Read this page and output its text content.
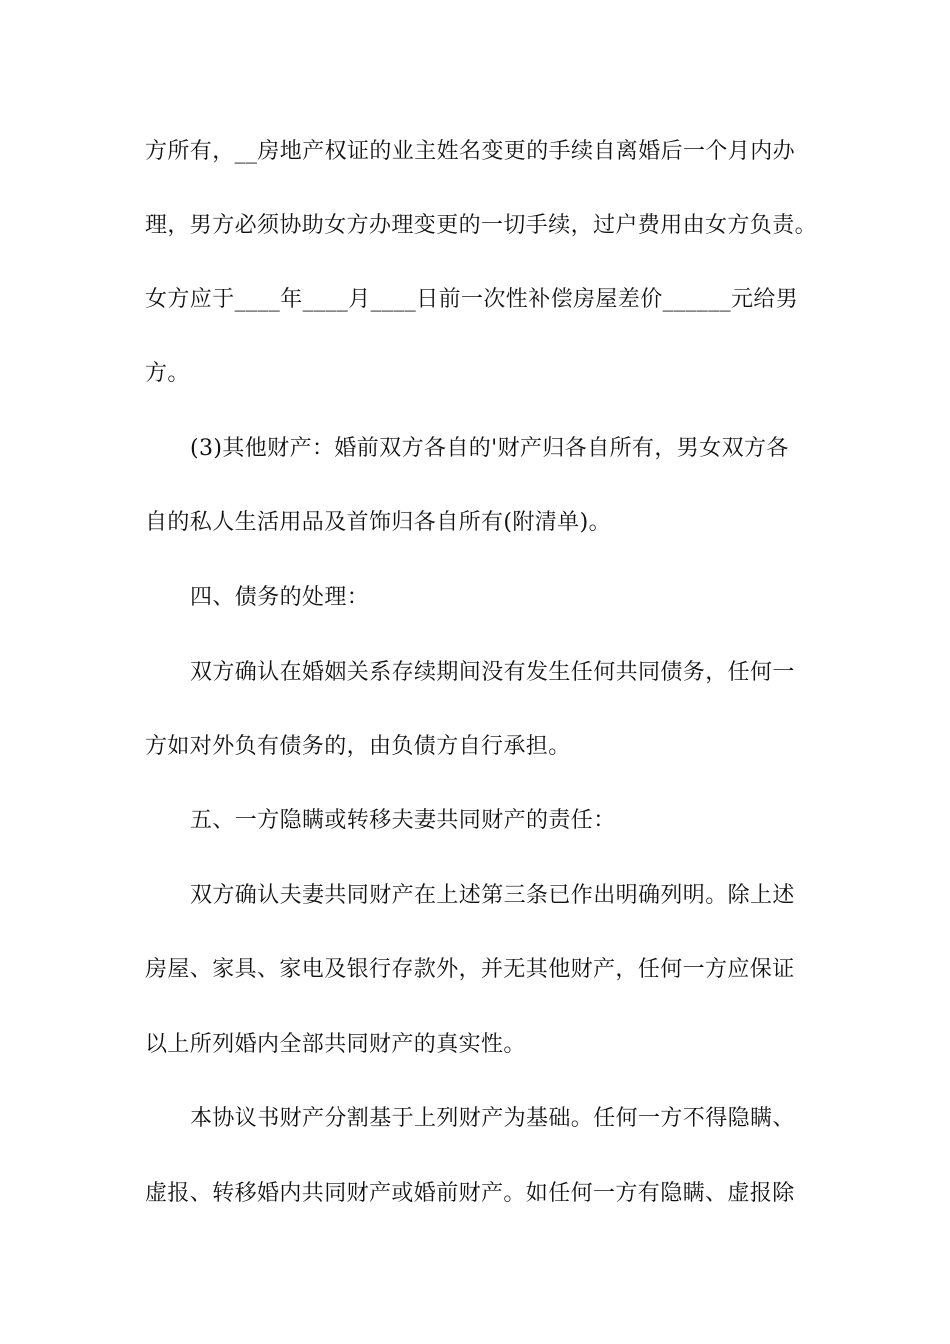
方所有，__房地产权证的业主姓名变更的手续自离婚后一个月内办
理，男方必须协助女方办理变更的一切手续，过户费用由女方负责。
女方应于____年____月____日前一次性补偿房屋差价______元给男
方。
(3)其他财产：婚前双方各自的'财产归各自所有，男女双方各
自的私人生活用品及首饰归各自所有(附清单)。
四、债务的处理：
双方确认在婚姻关系存续期间没有发生任何共同债务，任何一
方如对外负有债务的，由负债方自行承担。
五、一方隐瞒或转移夫妻共同财产的责任：
双方确认夫妻共同财产在上述第三条已作出明确列明。除上述
房屋、家具、家电及银行存款外，并无其他财产，任何一方应保证
以上所列婚内全部共同财产的真实性。
本协议书财产分割基于上列财产为基础。任何一方不得隐瞒、
虚报、转移婚内共同财产或婚前财产。如任何一方有隐瞒、虚报除
